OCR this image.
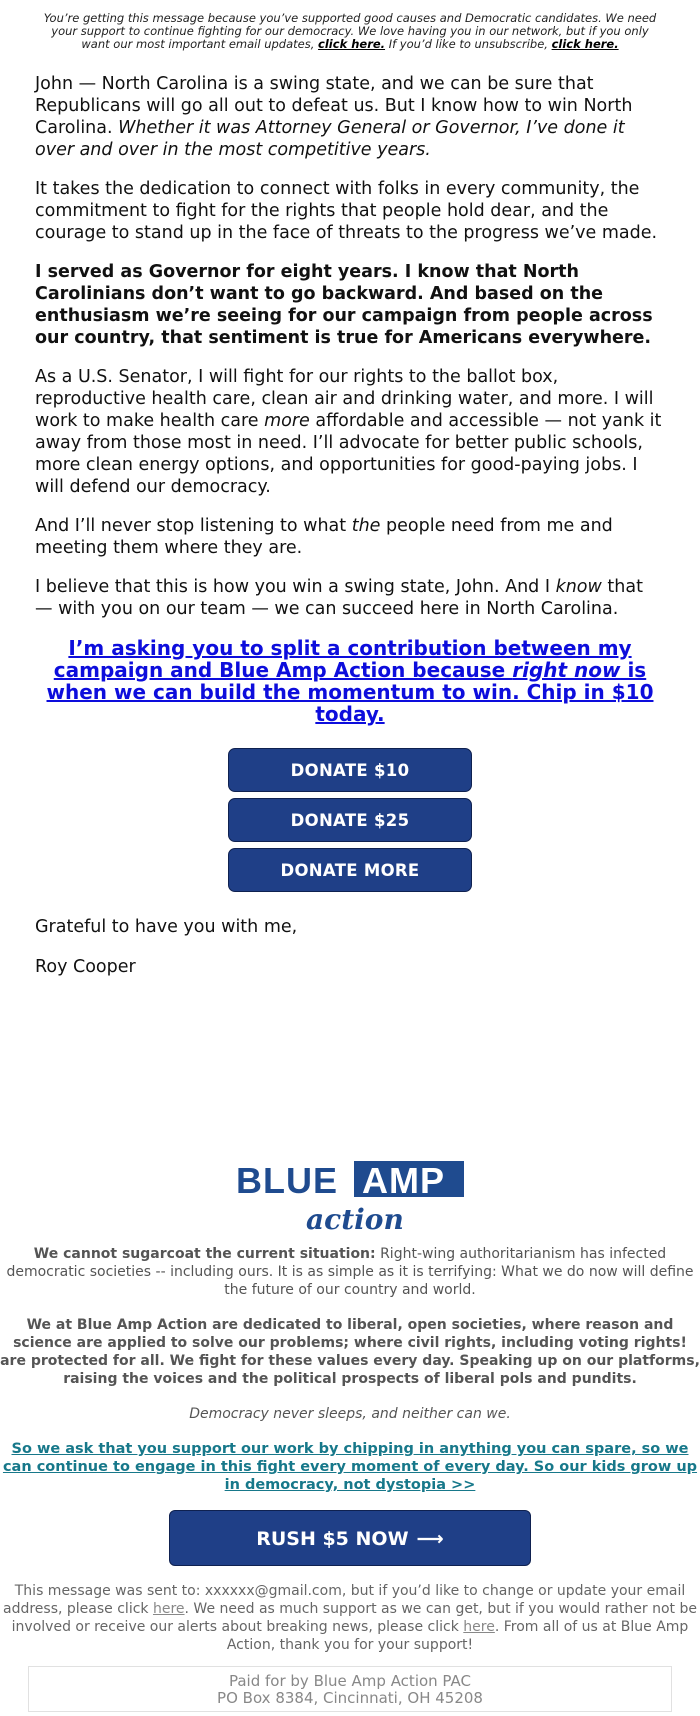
You’re getting this message because you’ve supported good causes and Democratic candidates. We need your support to continue fighting for our democracy. We love having you in our network, but if you only want our most important email updates, click here. If you’d like to unsubscribe, click here.

John — North Carolina is a swing state, and we can be sure that Republicans will go all out to defeat us. But I know how to win North Carolina. Whether it was Attorney General or Governor, I’ve done it over and over in the most competitive years.

It takes the dedication to connect with folks in every community, the commitment to fight for the rights that people hold dear, and the courage to stand up in the face of threats to the progress we’ve made.

I served as Governor for eight years. I know that North Carolinians don’t want to go backward. And based on the enthusiasm we’re seeing for our campaign from people across our country, that sentiment is true for Americans everywhere.

As a U.S. Senator, I will fight for our rights to the ballot box, reproductive health care, clean air and drinking water, and more. I will work to make health care more affordable and accessible — not yank it away from those most in need. I’ll advocate for better public schools, more clean energy options, and opportunities for good-paying jobs. I will defend our democracy.

And I’ll never stop listening to what the people need from me and meeting them where they are.

I believe that this is how you win a swing state, John. And I know that — with you on our team — we can succeed here in North Carolina.

I’m asking you to split a contribution between my campaign and Blue Amp Action because right now is when we can build the momentum to win. Chip in $10 today.
DONATE $10
DONATE $25
DONATE MORE

Grateful to have you with me,

Roy Cooper

BLUE AMP
action

We cannot sugarcoat the current situation: Right-wing authoritarianism has infected democratic societies -- including ours. It is as simple as it is terrifying: What we do now will define the future of our country and world.

We at Blue Amp Action are dedicated to liberal, open societies, where reason and science are applied to solve our problems; where civil rights, including voting rights! are protected for all. We fight for these values every day. Speaking up on our platforms, raising the voices and the political prospects of liberal pols and pundits.

Democracy never sleeps, and neither can we.

So we ask that you support our work by chipping in anything you can spare, so we can continue to engage in this fight every moment of every day. So our kids grow up in democracy, not dystopia >>

RUSH $5 NOW ⟶
This message was sent to: xxxxxx@gmail.com, but if you’d like to change or update your email address, please click here. We need as much support as we can get, but if you would rather not be involved or receive our alerts about breaking news, please click here. From all of us at Blue Amp Action, thank you for your support!
Paid for by Blue Amp Action PAC
PO Box 8384, Cincinnati, OH 45208
